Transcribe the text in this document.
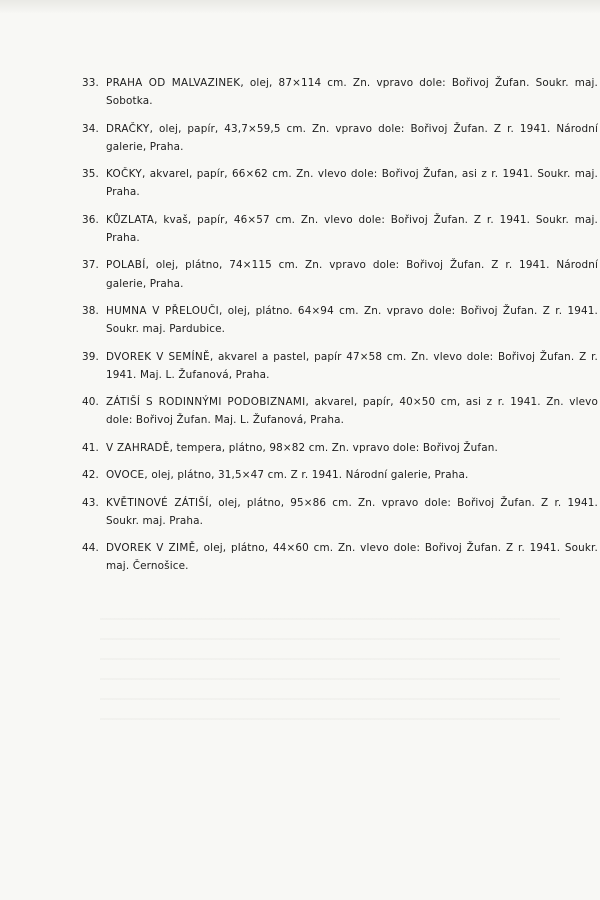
33. PRAHA OD MALVAZINEK, olej, 87×114 cm. Zn. vpravo dole: Bořivoj Žufan. Soukr. maj. Sobotka.
34. DRAČKY, olej, papír, 43,7×59,5 cm. Zn. vpravo dole: Bořivoj Žufan. Z r. 1941. Národní galerie, Praha.
35. KOČKY, akvarel, papír, 66×62 cm. Zn. vlevo dole: Bořivoj Žufan, asi z r. 1941. Soukr. maj. Praha.
36. KŮZLATA, kvaš, papír, 46×57 cm. Zn. vlevo dole: Bořivoj Žufan. Z r. 1941. Soukr. maj. Praha.
37. POLABÍ, olej, plátno, 74×115 cm. Zn. vpravo dole: Bořivoj Žufan. Z r. 1941. Národní galerie, Praha.
38. HUMNA V PŘELOUČI, olej, plátno. 64×94 cm. Zn. vpravo dole: Bořivoj Žufan. Z r. 1941. Soukr. maj. Pardubice.
39. DVOREK V SEMÍNĚ, akvarel a pastel, papír 47×58 cm. Zn. vlevo dole: Bořivoj Žufan. Z r. 1941. Maj. L. Žufanová, Praha.
40. ZÁTIŠÍ S RODINNÝMI PODOBIZNAMI, akvarel, papír, 40×50 cm, asi z r. 1941. Zn. vlevo dole: Bořivoj Žufan. Maj. L. Žufanová, Praha.
41. V ZAHRADĚ, tempera, plátno, 98×82 cm. Zn. vpravo dole: Bořivoj Žufan.
42. OVOCE, olej, plátno, 31,5×47 cm. Z r. 1941. Národní galerie, Praha.
43. KVĚTINOVÉ ZÁTIŠÍ, olej, plátno, 95×86 cm. Zn. vpravo dole: Bořivoj Žufan. Z r. 1941. Soukr. maj. Praha.
44. DVOREK V ZIMĚ, olej, plátno, 44×60 cm. Zn. vlevo dole: Bořivoj Žufan. Z r. 1941. Soukr. maj. Černošice.
